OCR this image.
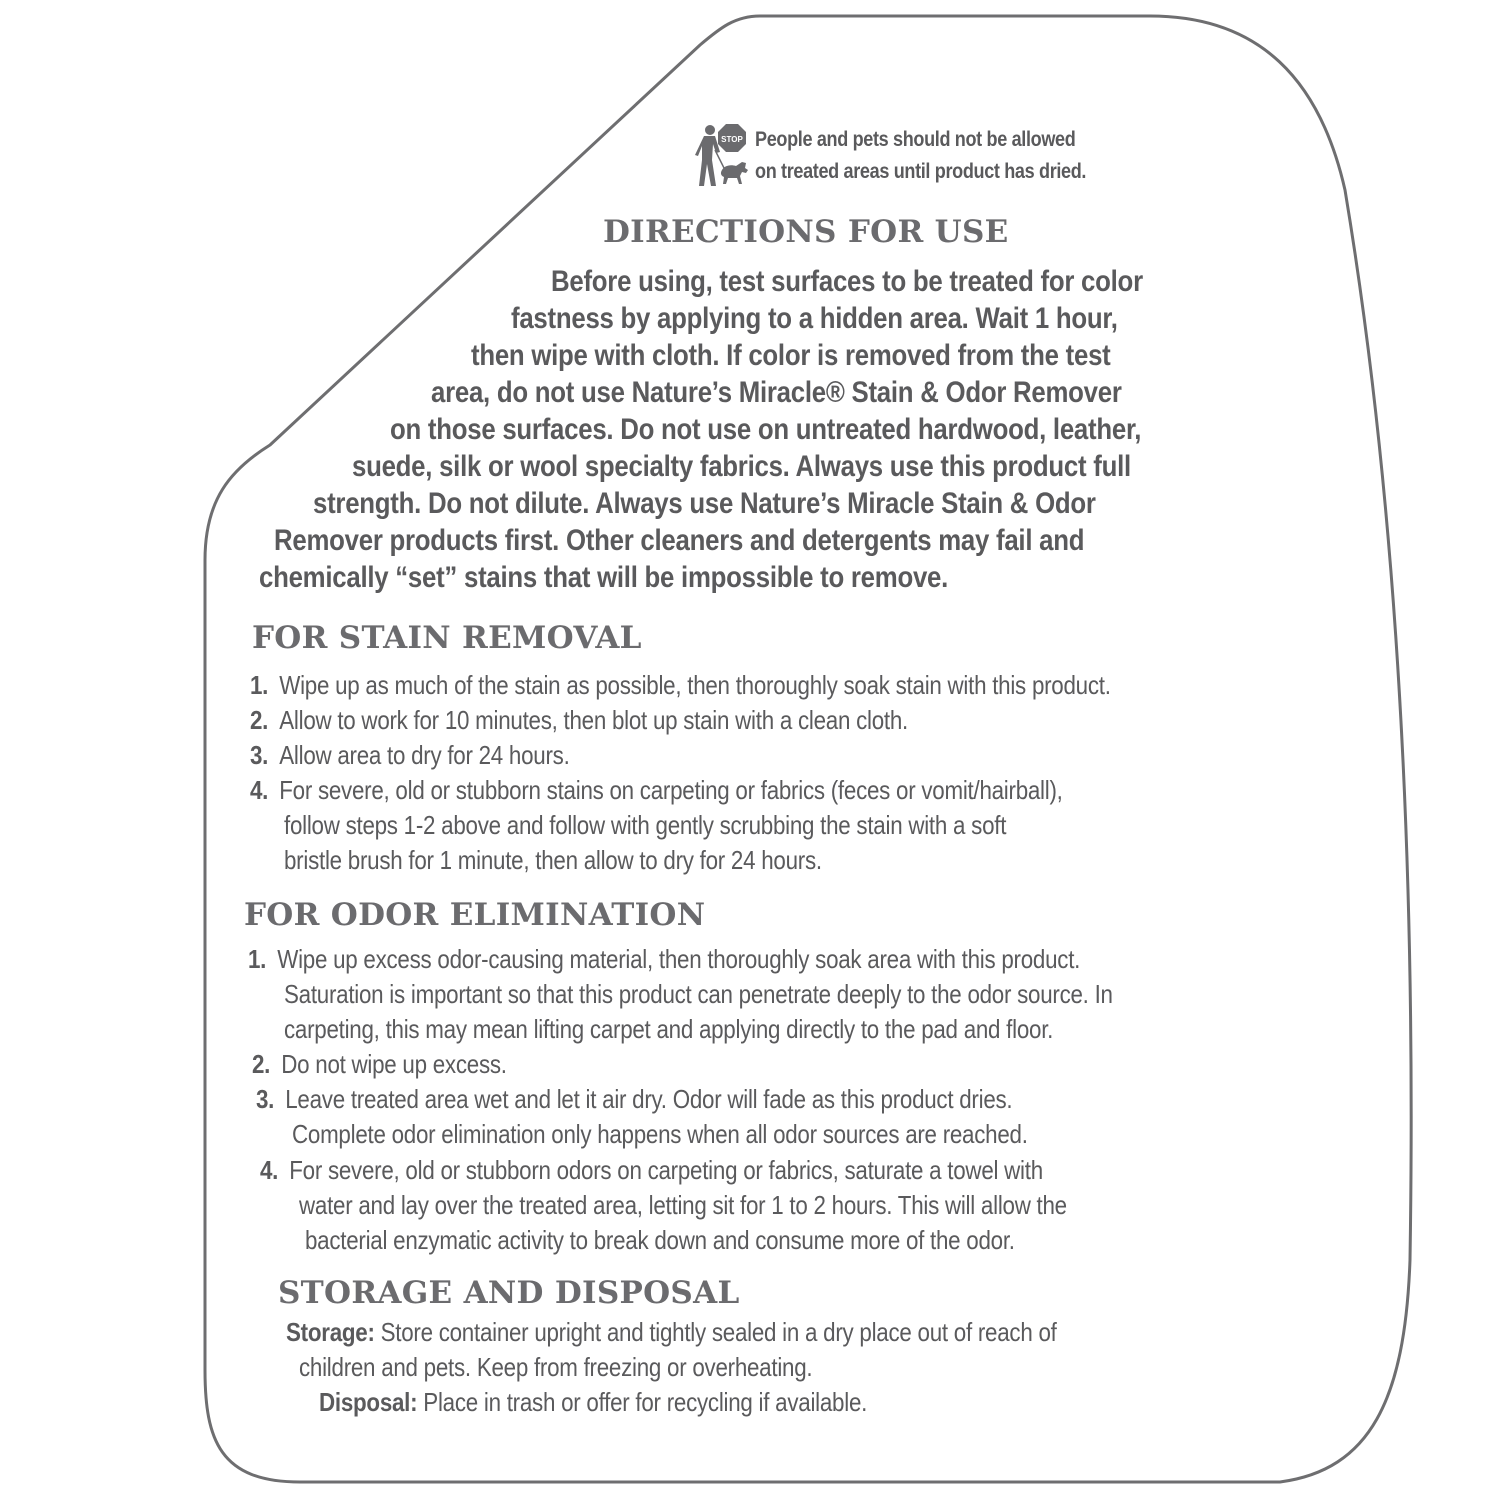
STOP People and pets should not be allowed
on treated areas until product has dried.
DIRECTIONS FOR USE
Before using, test surfaces to be treated for color
fastness by applying to a hidden area. Wait 1 hour,
then wipe with cloth. If color is removed from the test
area, do not use Nature’s Miracle® Stain & Odor Remover
on those surfaces. Do not use on untreated hardwood, leather,
suede, silk or wool specialty fabrics. Always use this product full
strength. Do not dilute. Always use Nature’s Miracle Stain & Odor
Remover products first. Other cleaners and detergents may fail and
chemically “set” stains that will be impossible to remove.
FOR STAIN REMOVAL
1. Wipe up as much of the stain as possible, then thoroughly soak stain with this product.
2. Allow to work for 10 minutes, then blot up stain with a clean cloth.
3. Allow area to dry for 24 hours.
4. For severe, old or stubborn stains on carpeting or fabrics (feces or vomit/hairball),
follow steps 1-2 above and follow with gently scrubbing the stain with a soft
bristle brush for 1 minute, then allow to dry for 24 hours.
FOR ODOR ELIMINATION
1. Wipe up excess odor-causing material, then thoroughly soak area with this product.
Saturation is important so that this product can penetrate deeply to the odor source. In
carpeting, this may mean lifting carpet and applying directly to the pad and floor.
2. Do not wipe up excess.
3. Leave treated area wet and let it air dry. Odor will fade as this product dries.
Complete odor elimination only happens when all odor sources are reached.
4. For severe, old or stubborn odors on carpeting or fabrics, saturate a towel with
water and lay over the treated area, letting sit for 1 to 2 hours. This will allow the
bacterial enzymatic activity to break down and consume more of the odor.
STORAGE AND DISPOSAL
Storage: Store container upright and tightly sealed in a dry place out of reach of
children and pets. Keep from freezing or overheating.
Disposal: Place in trash or offer for recycling if available.
